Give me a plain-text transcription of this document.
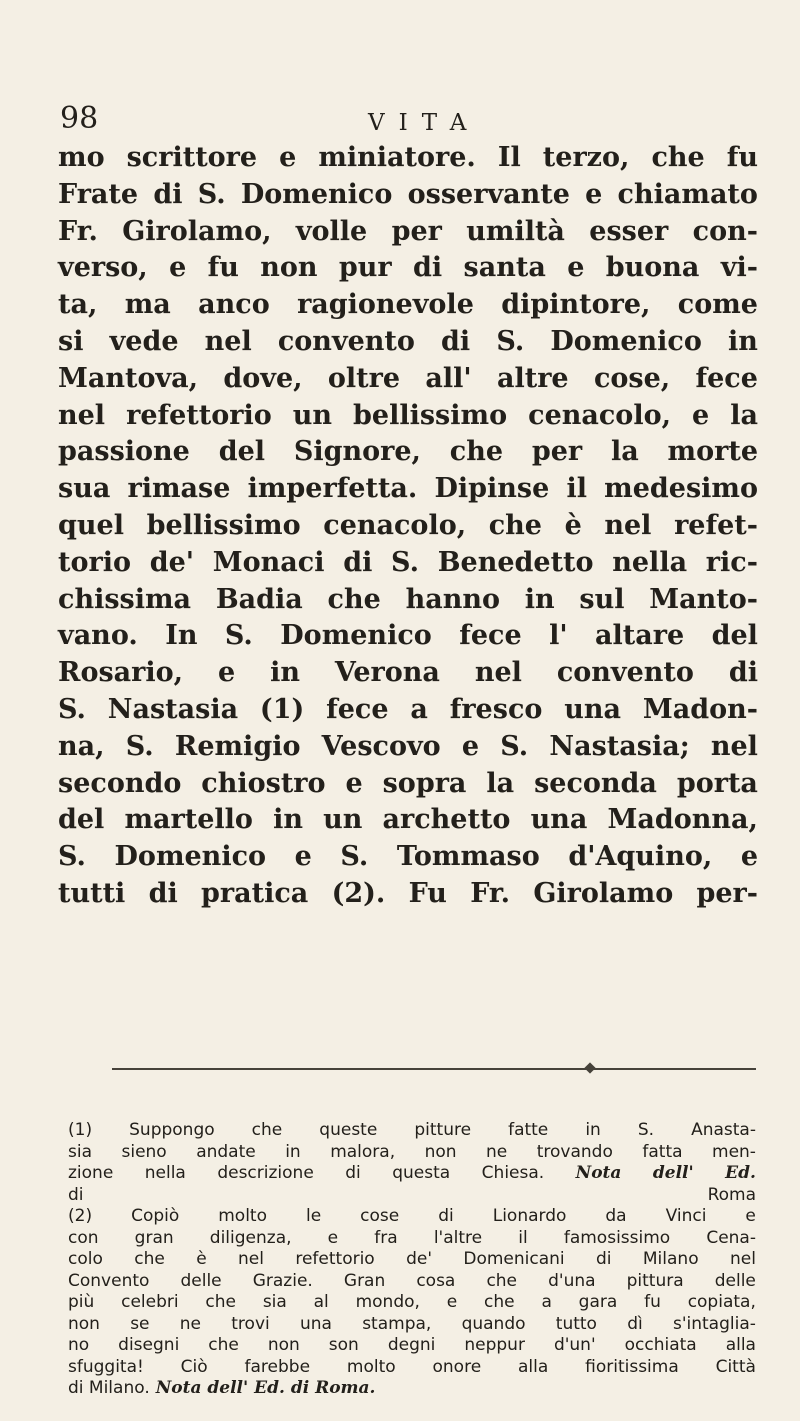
98	VITA
mo scrittore e miniatore. Il terzo, che fu
Frate di S. Domenico osservante e chiamato
Fr. Girolamo, volle per umiltà esser con-
verso, e fu non pur di santa e buona vi-
ta, ma anco ragionevole dipintore, come
si vede nel convento di S. Domenico in
Mantova, dove, oltre all' altre cose, fece
nel refettorio un bellissimo cenacolo, e la
passione del Signore, che per la morte
sua rimase imperfetta. Dipinse il medesimo
quel bellissimo cenacolo, che è nel refet-
torio de' Monaci di S. Benedetto nella ric-
chissima Badia che hanno in sul Manto-
vano. In S. Domenico fece l' altare del
Rosario, e in Verona nel convento di
S. Nastasia (1) fece a fresco una Madon-
na, S. Remigio Vescovo e S. Nastasia; nel
secondo chiostro e sopra la seconda porta
del martello in un archetto una Madonna,
S. Domenico e S. Tommaso d'Aquino, e
tutti di pratica (2). Fu Fr. Girolamo per-
(1) Suppongo che queste pitture fatte in S. Anasta-
sia sieno andate in malora, non ne trovando fatta men-
zione nella descrizione di questa Chiesa. Nota dell' Ed.
di	Roma
(2) Copiò molto le cose di Lionardo da Vinci e
con gran diligenza, e fra l'altre il famosissimo Cena-
colo che è nel refettorio de' Domenicani di Milano nel
Convento delle Grazie. Gran cosa che d'una pittura delle
più celebri che sia al mondo, e che a gara fu copiata,
non se ne trovi una stampa, quando tutto dì s'intaglia-
no disegni che non son degni neppur d'un' occhiata alla
sfuggita! Ciò farebbe molto onore alla fioritissima Città
di Milano. Nota dell' Ed. di Roma.
